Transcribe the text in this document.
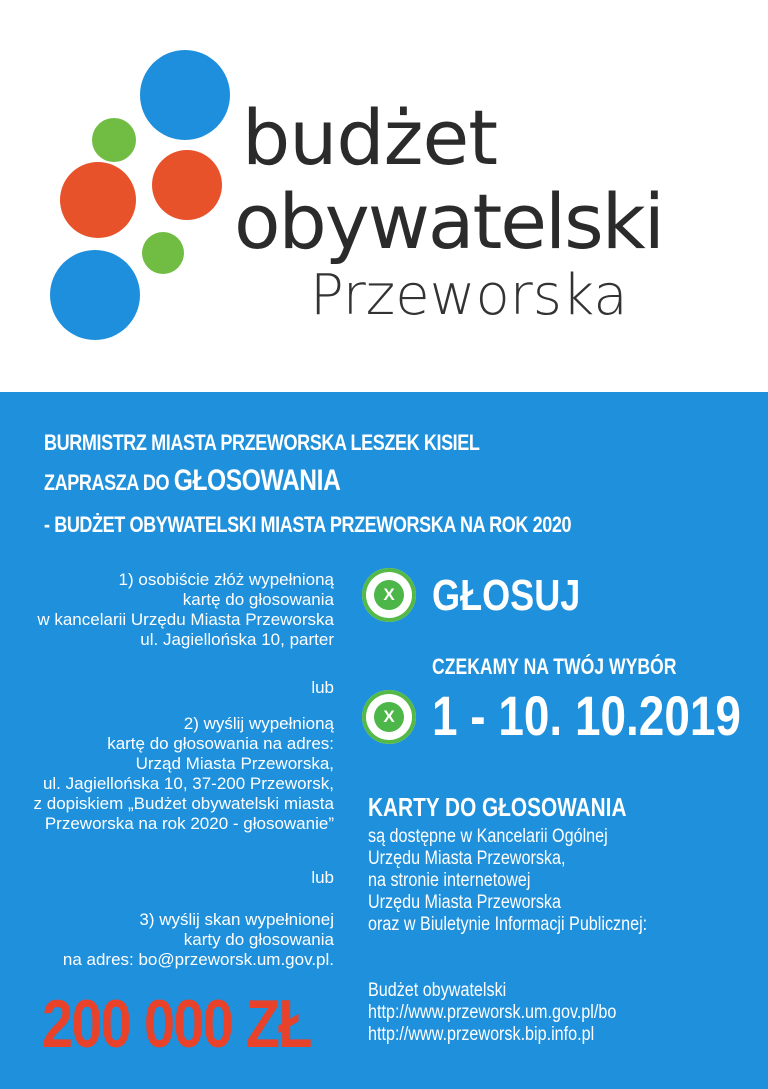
budżet
obywatelski
Przeworska
BURMISTRZ MIASTA PRZEWORSKA LESZEK KISIEL
ZAPRASZA DO GŁOSOWANIA
- BUDŻET OBYWATELSKI MIASTA PRZEWORSKA NA ROK 2020
1) osobiście złóż wypełnioną
kartę do głosowania
w kancelarii Urzędu Miasta Przeworska
ul. Jagiellońska 10, parter
lub
2) wyślij wypełnioną
kartę do głosowania na adres:
Urząd Miasta Przeworska,
ul. Jagiellońska 10, 37-200 Przeworsk,
z dopiskiem „Budżet obywatelski miasta
Przeworska na rok 2020 - głosowanie”
lub
3) wyślij skan wypełnionej
karty do głosowania
na adres: bo@przeworsk.um.gov.pl.
200 000 ZŁ
X GŁOSUJ
CZEKAMY NA TWÓJ WYBÓR
X 1 - 10. 10.2019
KARTY DO GŁOSOWANIA
są dostępne w Kancelarii Ogólnej
Urzędu Miasta Przeworska,
na stronie internetowej
Urzędu Miasta Przeworska
oraz w Biuletynie Informacji Publicznej:
Budżet obywatelski
http://www.przeworsk.um.gov.pl/bo
http://www.przeworsk.bip.info.pl
